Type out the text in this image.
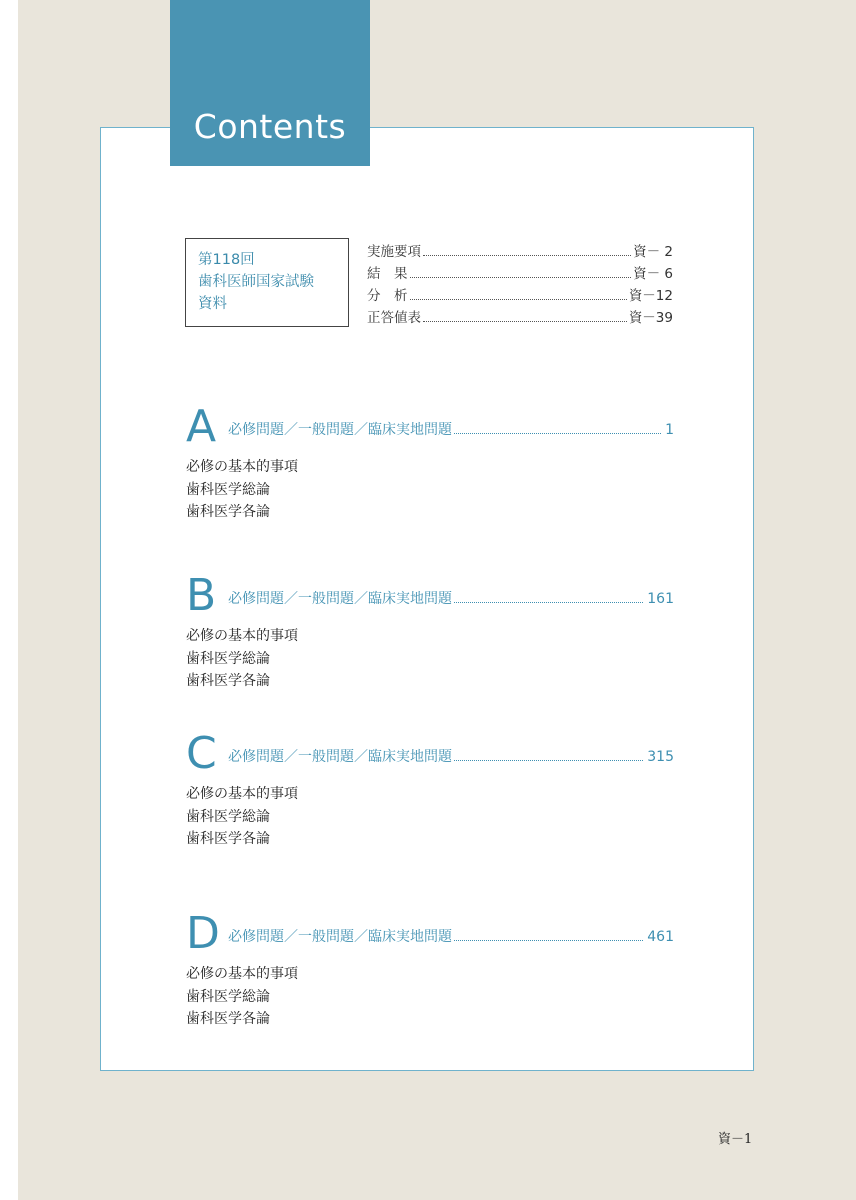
Contents
第118回
歯科医師国家試験
資料
実施要項	資－ 2
結　果	資－ 6
分　析	資－12
正答値表	資－39
A 必修問題／一般問題／臨床実地問題	1
必修の基本的事項
歯科医学総論
歯科医学各論
B 必修問題／一般問題／臨床実地問題	161
必修の基本的事項
歯科医学総論
歯科医学各論
C 必修問題／一般問題／臨床実地問題	315
必修の基本的事項
歯科医学総論
歯科医学各論
D 必修問題／一般問題／臨床実地問題	461
必修の基本的事項
歯科医学総論
歯科医学各論
資－1
